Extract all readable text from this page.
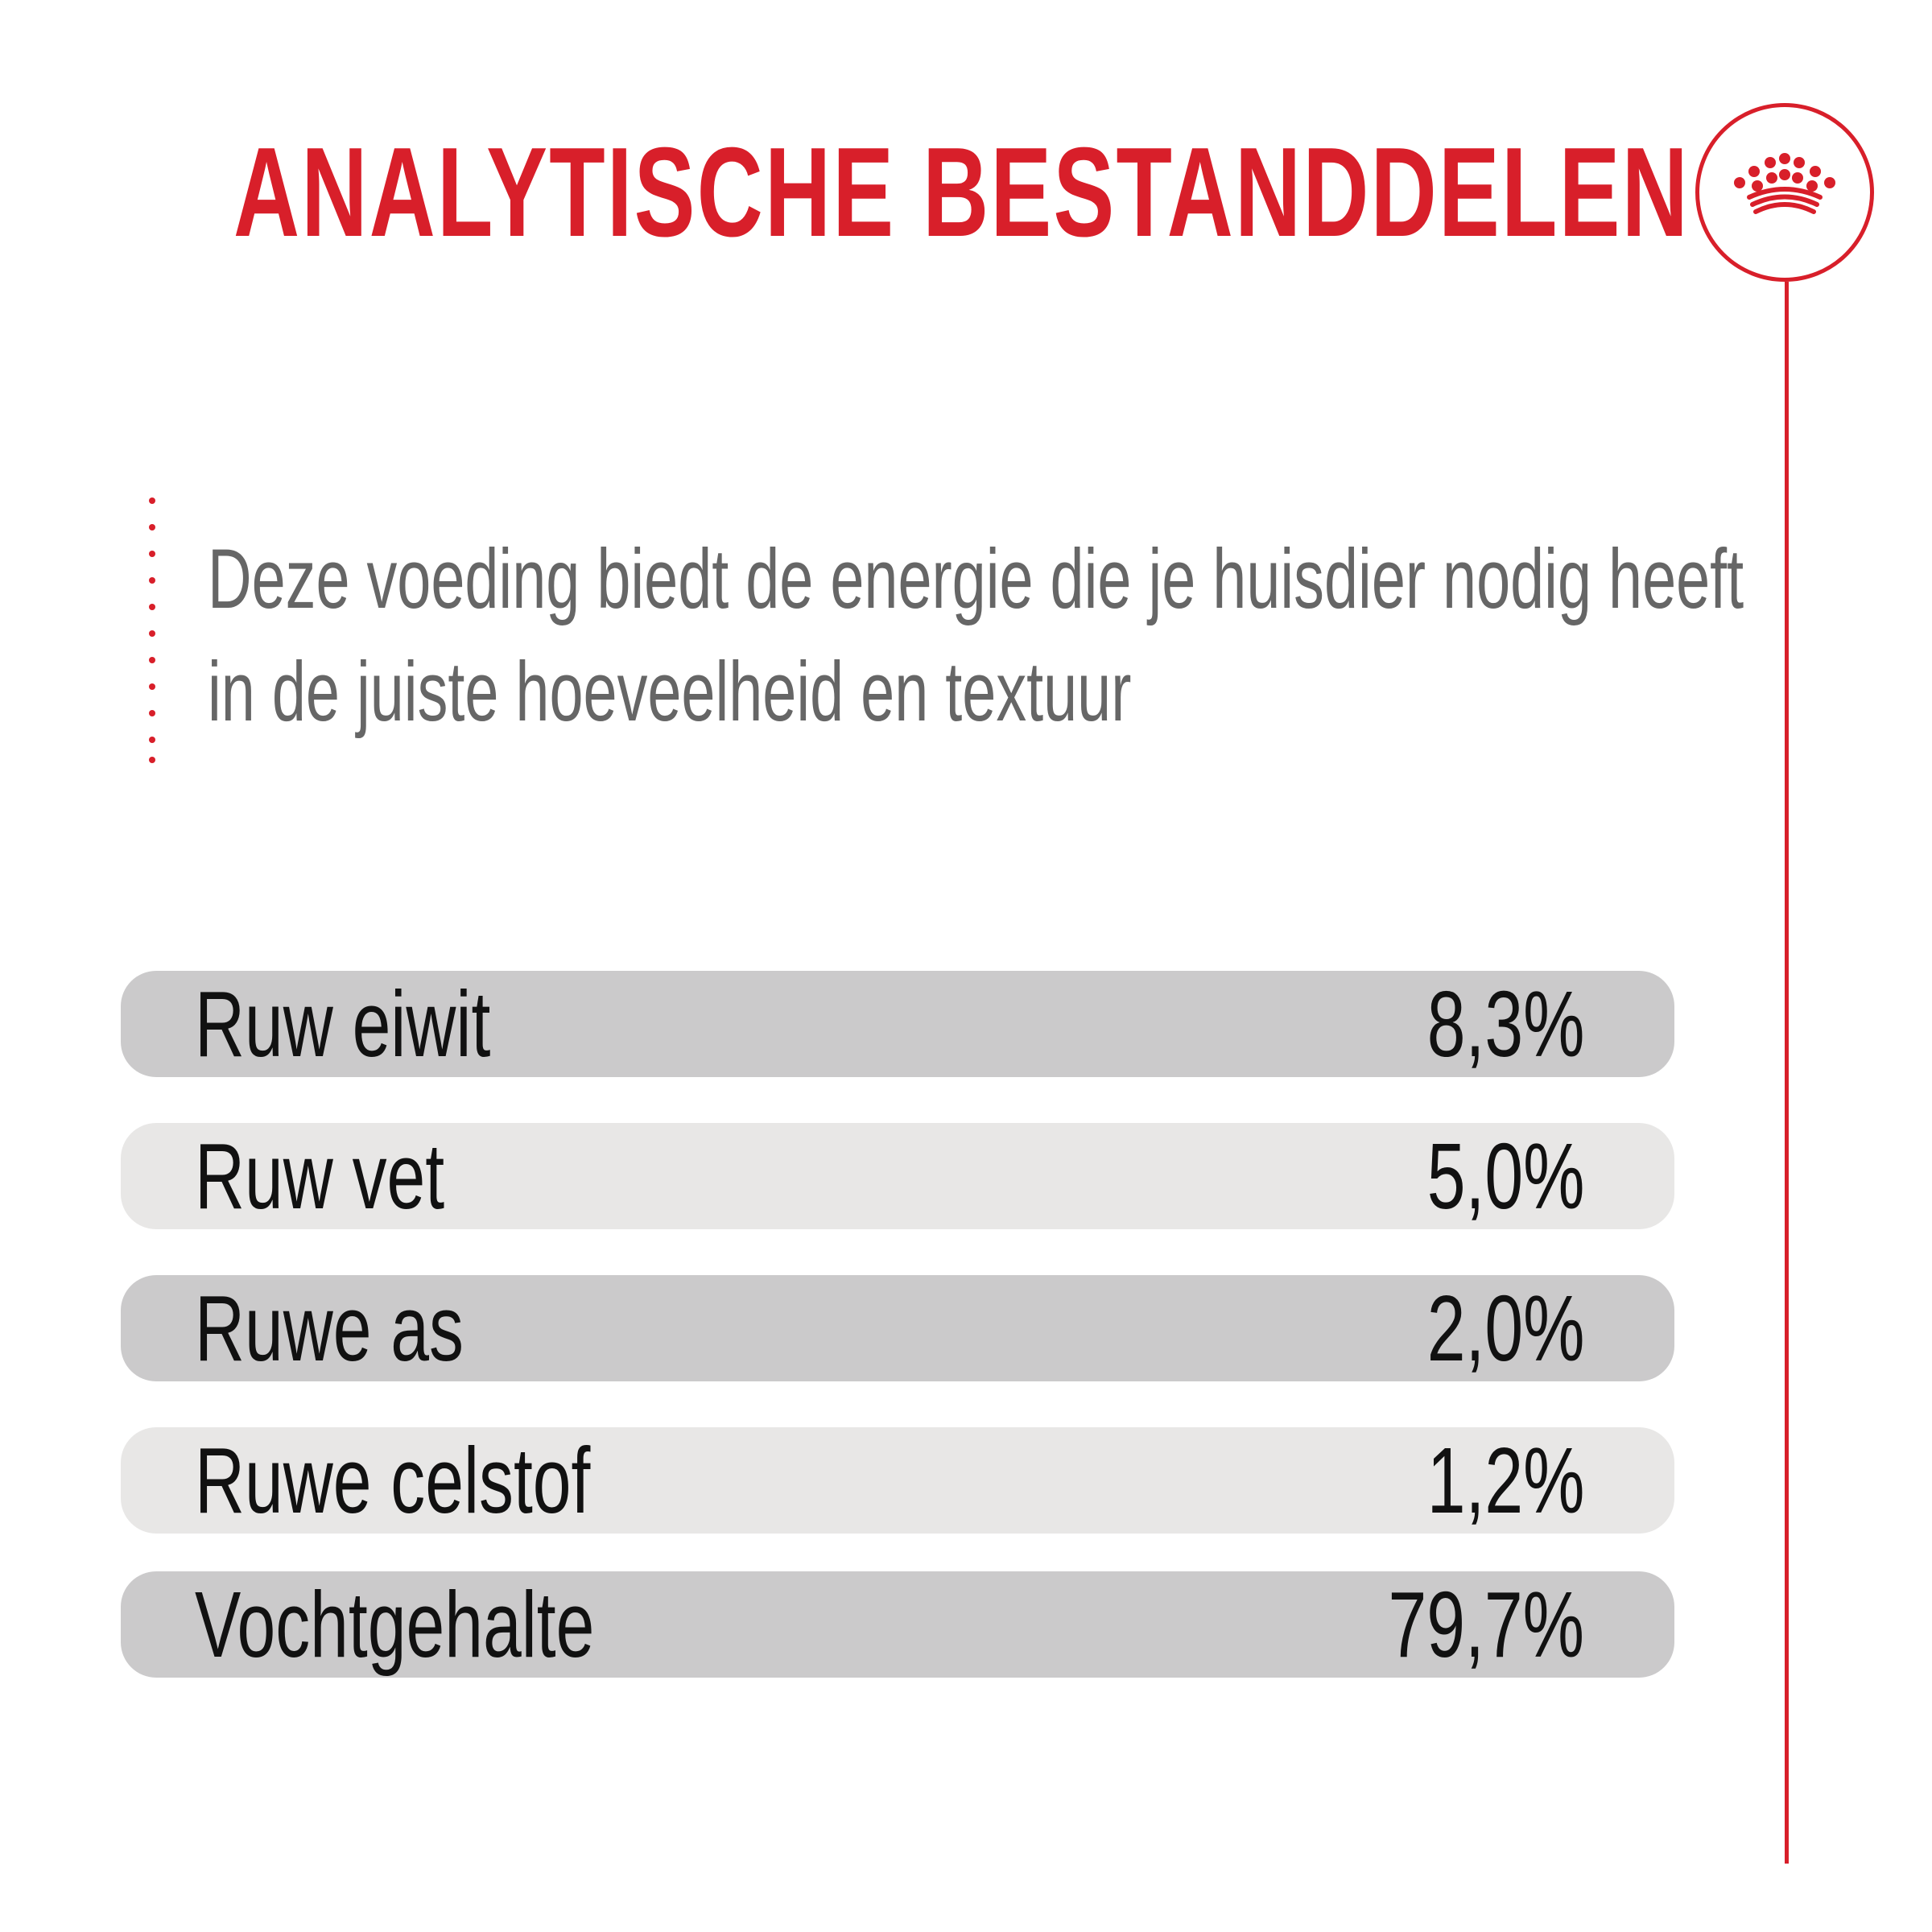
ANALYTISCHE BESTANDDELEN
Deze voeding biedt de energie die je huisdier nodig heeft
in de juiste hoeveelheid en textuur
Ruw eiwit	8,3%
Ruw vet	5,0%
Ruwe as	2,0%
Ruwe celstof	1,2%
Vochtgehalte	79,7%
